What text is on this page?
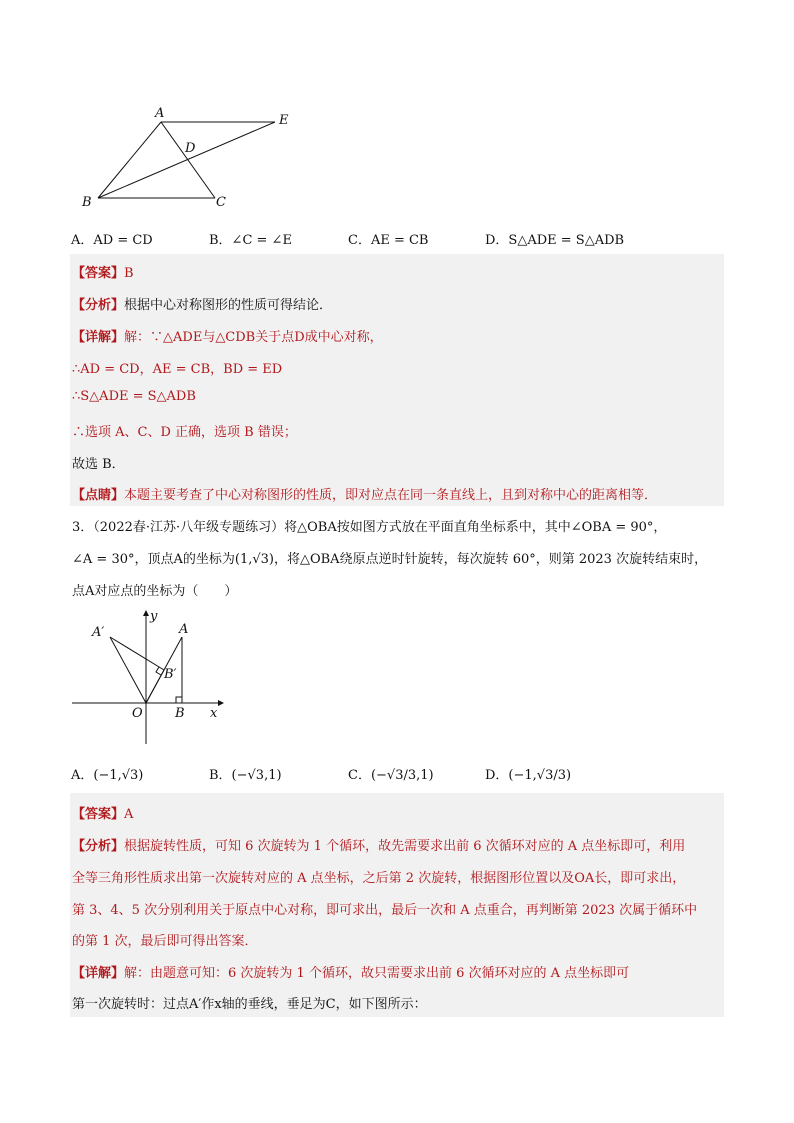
A	E
D
B	C
A．AD = CD	B．∠C = ∠E	C．AE = CB	D．S△ADE = S△ADB
【答案】B
【分析】根据中心对称图形的性质可得结论．
【详解】解：∵△ADE与△CDB关于点D成中心对称，
∴AD = CD，AE = CB，BD = ED
∴S△ADE = S△ADB
∴选项 A、C、D 正确，选项 B 错误；
故选 B．
【点睛】本题主要考查了中心对称图形的性质，即对应点在同一条直线上，且到对称中心的距离相等．
3．（2022春·江苏·八年级专题练习）将△OBA按如图方式放在平面直角坐标系中，其中∠OBA = 90°，
∠A = 30°，顶点A的坐标为(1,√3)，将△OBA绕原点逆时针旋转，每次旋转 60°，则第 2023 次旋转结束时，
点A对应点的坐标为（　　）
A′	A
B′
y
O B x
A．(−1,√3)	B．(−√3,1)	C．(−√3/3,1)	D．(−1,√3/3)
【答案】A
【分析】根据旋转性质，可知 6 次旋转为 1 个循环，故先需要求出前 6 次循环对应的 A 点坐标即可，利用
全等三角形性质求出第一次旋转对应的 A 点坐标，之后第 2 次旋转，根据图形位置以及OA长，即可求出，
第 3、4、5 次分别利用关于原点中心对称，即可求出，最后一次和 A 点重合，再判断第 2023 次属于循环中
的第 1 次，最后即可得出答案．
【详解】解：由题意可知：6 次旋转为 1 个循环，故只需要求出前 6 次循环对应的 A 点坐标即可
第一次旋转时：过点A′作x轴的垂线，垂足为C，如下图所示：
